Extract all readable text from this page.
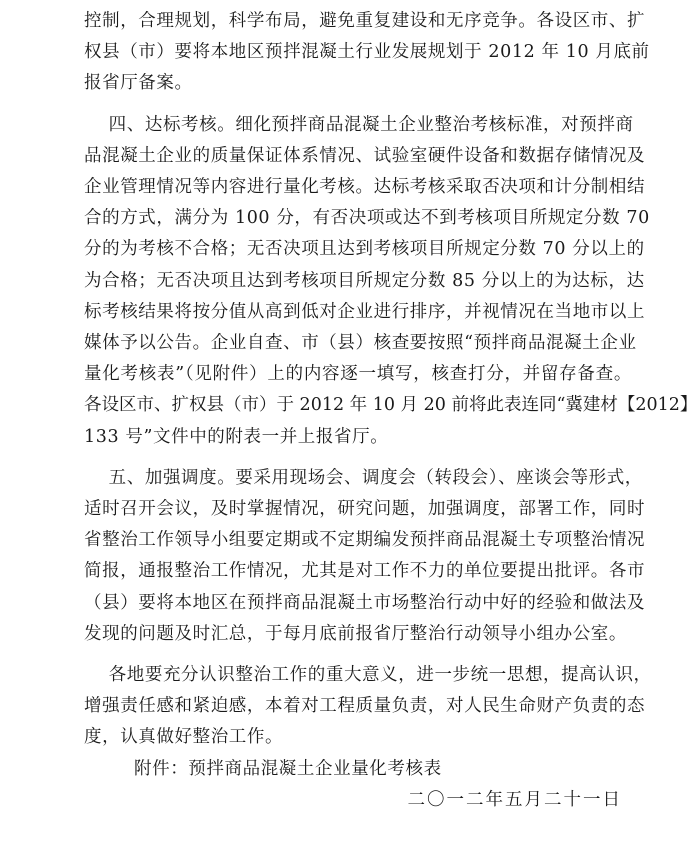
控制，合理规划，科学布局，避免重复建设和无序竞争。各设区市、扩
权县（市）要将本地区预拌混凝土行业发展规划于 2012 年 10 月底前
报省厅备案。
四、达标考核。细化预拌商品混凝土企业整治考核标准，对预拌商
品混凝土企业的质量保证体系情况、试验室硬件设备和数据存储情况及
企业管理情况等内容进行量化考核。达标考核采取否决项和计分制相结
合的方式，满分为 100 分，有否决项或达不到考核项目所规定分数 70
分的为考核不合格；无否决项且达到考核项目所规定分数 70 分以上的
为合格；无否决项且达到考核项目所规定分数 85 分以上的为达标，达
标考核结果将按分值从高到低对企业进行排序，并视情况在当地市以上
媒体予以公告。企业自查、市（县）核查要按照“预拌商品混凝土企业
量化考核表”（见附件）上的内容逐一填写，核查打分，并留存备查。
各设区市、扩权县（市）于 2012 年 10 月 20 前将此表连同“冀建材【2012】
133 号”文件中的附表一并上报省厅。
五、加强调度。要采用现场会、调度会（转段会）、座谈会等形式，
适时召开会议，及时掌握情况，研究问题，加强调度，部署工作，同时
省整治工作领导小组要定期或不定期编发预拌商品混凝土专项整治情况
简报，通报整治工作情况，尤其是对工作不力的单位要提出批评。各市
（县）要将本地区在预拌商品混凝土市场整治行动中好的经验和做法及
发现的问题及时汇总，于每月底前报省厅整治行动领导小组办公室。
各地要充分认识整治工作的重大意义，进一步统一思想，提高认识，
增强责任感和紧迫感，本着对工程质量负责，对人民生命财产负责的态
度，认真做好整治工作。
附件：预拌商品混凝土企业量化考核表
二〇一二年五月二十一日
